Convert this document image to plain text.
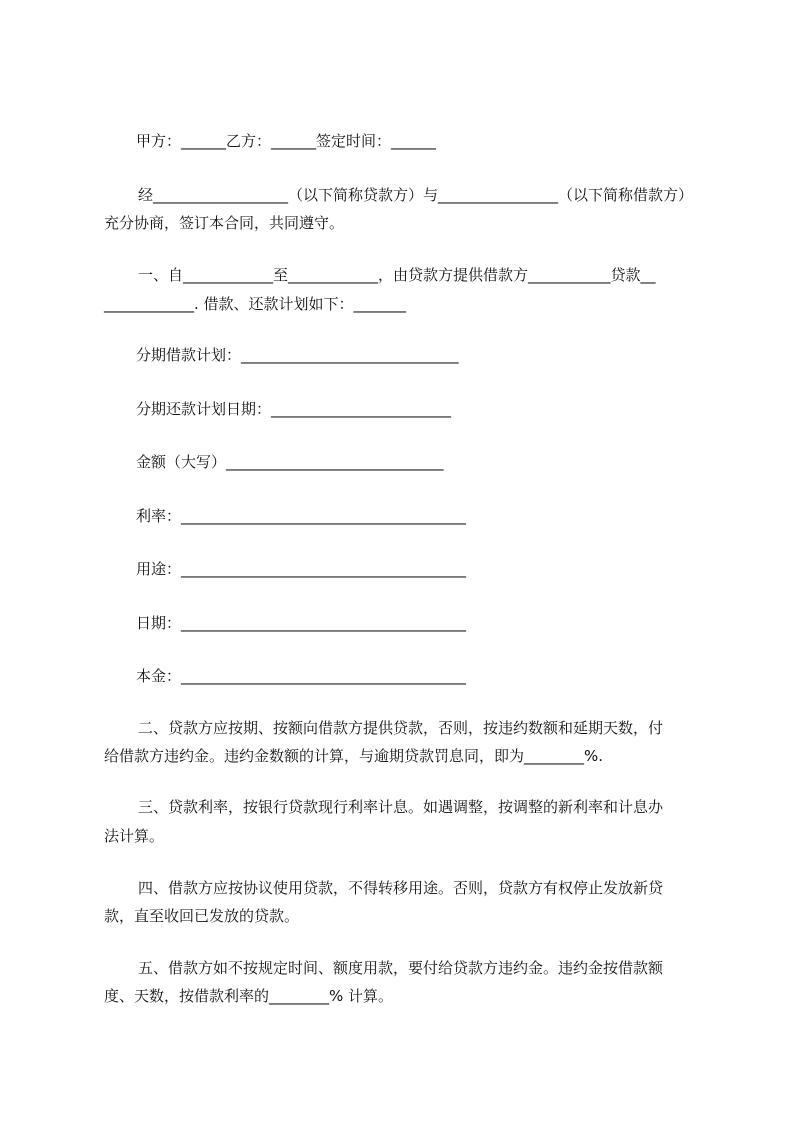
甲方：______乙方：______签定时间：______
经__________________（以下简称贷款方）与________________（以下简称借款方）
充分协商，签订本合同，共同遵守。
一、自____________至____________，由贷款方提供借款方___________贷款__
____________. 借款、还款计划如下：_______
分期借款计划：_____________________________
分期还款计划日期：________________________
金额（大写）_____________________________
利率：______________________________________
用途：______________________________________
日期：______________________________________
本金：______________________________________
二、贷款方应按期、按额向借款方提供贷款，否则，按违约数额和延期天数，付
给借款方违约金。违约金数额的计算，与逾期贷款罚息同，即为________%.
三、贷款利率，按银行贷款现行利率计息。如遇调整，按调整的新利率和计息办
法计算。
四、借款方应按协议使用贷款，不得转移用途。否则，贷款方有权停止发放新贷
款，直至收回已发放的贷款。
五、借款方如不按规定时间、额度用款，要付给贷款方违约金。违约金按借款额
度、天数，按借款利率的________% 计算。
